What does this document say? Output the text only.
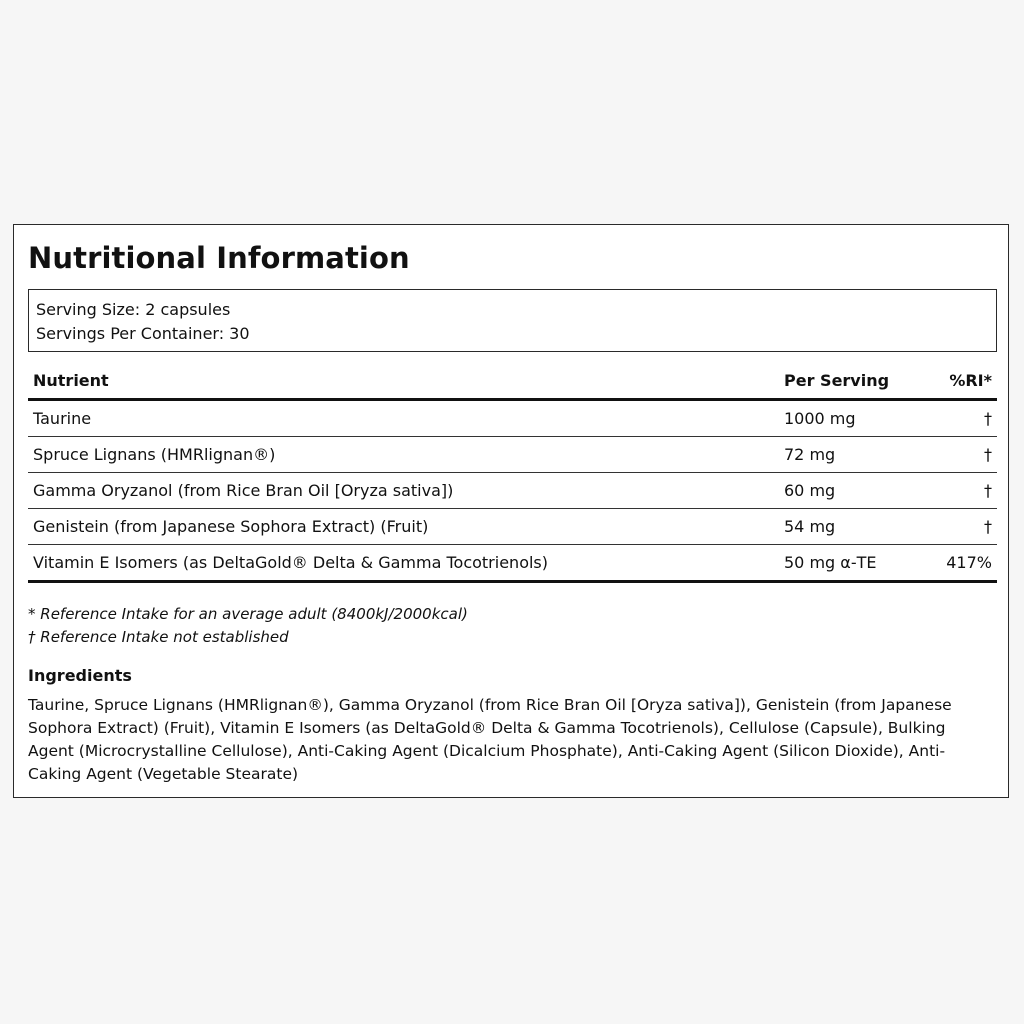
Nutritional Information
Serving Size: 2 capsules
Servings Per Container: 30
Nutrient	Per Serving	%RI*
Taurine	1000 mg	†
Spruce Lignans (HMRlignan®)	72 mg	†
Gamma Oryzanol (from Rice Bran Oil [Oryza sativa])	60 mg	†
Genistein (from Japanese Sophora Extract) (Fruit)	54 mg	†
Vitamin E Isomers (as DeltaGold® Delta & Gamma Tocotrienols)	50 mg α-TE	417%
* Reference Intake for an average adult (8400kJ/2000kcal)
† Reference Intake not established
Ingredients

Taurine, Spruce Lignans (HMRlignan®), Gamma Oryzanol (from Rice Bran Oil [Oryza sativa]), Genistein (from Japanese Sophora Extract) (Fruit), Vitamin E Isomers (as DeltaGold® Delta & Gamma Tocotrienols), Cellulose (Capsule), Bulking Agent (Microcrystalline Cellulose), Anti-Caking Agent (Dicalcium Phosphate), Anti-Caking Agent (Silicon Dioxide), Anti-Caking Agent (Vegetable Stearate)
